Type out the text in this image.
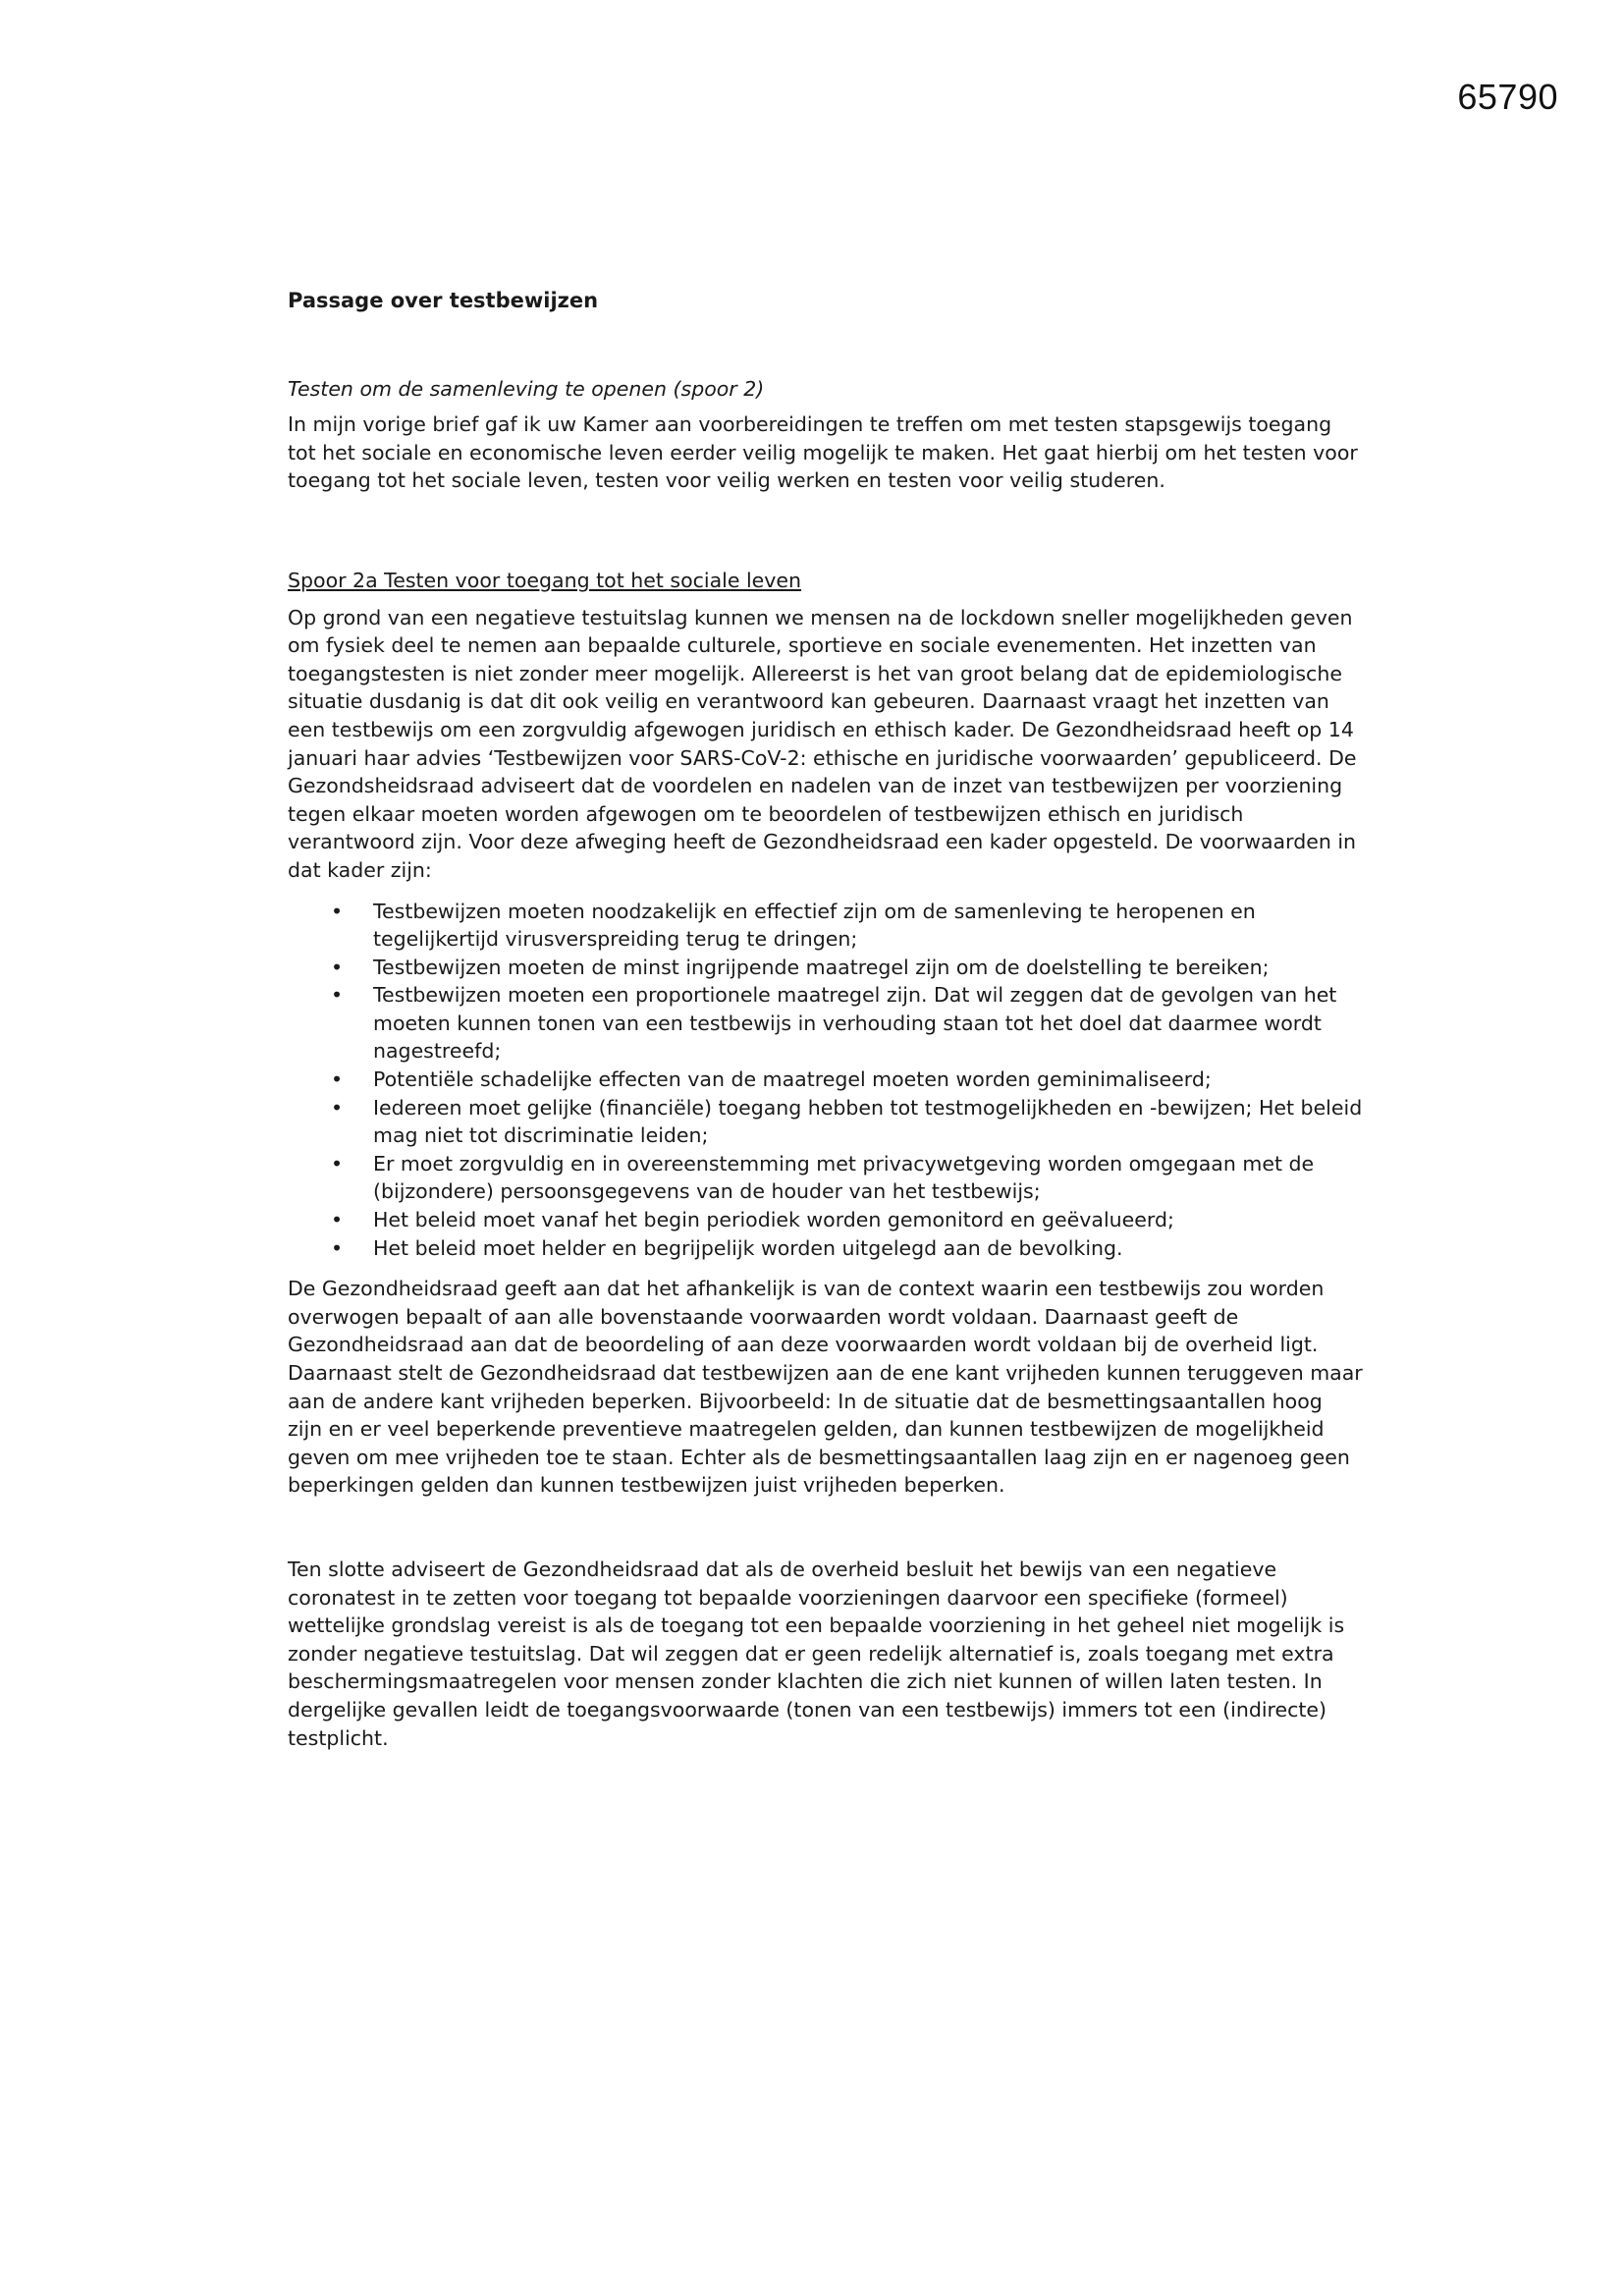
65790
Passage over testbewijzen
Testen om de samenleving te openen (spoor 2)

In mijn vorige brief gaf ik uw Kamer aan voorbereidingen te treffen om met testen stapsgewijs toegang tot het sociale en economische leven eerder veilig mogelijk te maken. Het gaat hierbij om het testen voor toegang tot het sociale leven, testen voor veilig werken en testen voor veilig studeren.

Spoor 2a Testen voor toegang tot het sociale leven

Op grond van een negatieve testuitslag kunnen we mensen na de lockdown sneller mogelijkheden geven om fysiek deel te nemen aan bepaalde culturele, sportieve en sociale evenementen. Het inzetten van toegangstesten is niet zonder meer mogelijk. Allereerst is het van groot belang dat de epidemiologische situatie dusdanig is dat dit ook veilig en verantwoord kan gebeuren. Daarnaast vraagt het inzetten van een testbewijs om een zorgvuldig afgewogen juridisch en ethisch kader. De Gezondheidsraad heeft op 14 januari haar advies ‘Testbewijzen voor SARS-CoV-2: ethische en juridische voorwaarden’ gepubliceerd. De Gezondsheidsraad adviseert dat de voordelen en nadelen van de inzet van testbewijzen per voorziening tegen elkaar moeten worden afgewogen om te beoordelen of testbewijzen ethisch en juridisch verantwoord zijn. Voor deze afweging heeft de Gezondheidsraad een kader opgesteld. De voorwaarden in dat kader zijn:

• Testbewijzen moeten noodzakelijk en effectief zijn om de samenleving te heropenen en tegelijkertijd virusverspreiding terug te dringen;
• Testbewijzen moeten de minst ingrijpende maatregel zijn om de doelstelling te bereiken;
• Testbewijzen moeten een proportionele maatregel zijn. Dat wil zeggen dat de gevolgen van het moeten kunnen tonen van een testbewijs in verhouding staan tot het doel dat daarmee wordt nagestreefd;
• Potentiële schadelijke effecten van de maatregel moeten worden geminimaliseerd;
• Iedereen moet gelijke (financiële) toegang hebben tot testmogelijkheden en -bewijzen; Het beleid mag niet tot discriminatie leiden;
• Er moet zorgvuldig en in overeenstemming met privacywetgeving worden omgegaan met de (bijzondere) persoonsgegevens van de houder van het testbewijs;
• Het beleid moet vanaf het begin periodiek worden gemonitord en geëvalueerd;
• Het beleid moet helder en begrijpelijk worden uitgelegd aan de bevolking.

De Gezondheidsraad geeft aan dat het afhankelijk is van de context waarin een testbewijs zou worden overwogen bepaalt of aan alle bovenstaande voorwaarden wordt voldaan. Daarnaast geeft de Gezondheidsraad aan dat de beoordeling of aan deze voorwaarden wordt voldaan bij de overheid ligt. Daarnaast stelt de Gezondheidsraad dat testbewijzen aan de ene kant vrijheden kunnen teruggeven maar aan de andere kant vrijheden beperken. Bijvoorbeeld: In de situatie dat de besmettingsaantallen hoog zijn en er veel beperkende preventieve maatregelen gelden, dan kunnen testbewijzen de mogelijkheid geven om mee vrijheden toe te staan. Echter als de besmettingsaantallen laag zijn en er nagenoeg geen beperkingen gelden dan kunnen testbewijzen juist vrijheden beperken.

Ten slotte adviseert de Gezondheidsraad dat als de overheid besluit het bewijs van een negatieve coronatest in te zetten voor toegang tot bepaalde voorzieningen daarvoor een specifieke (formeel) wettelijke grondslag vereist is als de toegang tot een bepaalde voorziening in het geheel niet mogelijk is zonder negatieve testuitslag. Dat wil zeggen dat er geen redelijk alternatief is, zoals toegang met extra beschermingsmaatregelen voor mensen zonder klachten die zich niet kunnen of willen laten testen. In dergelijke gevallen leidt de toegangsvoorwaarde (tonen van een testbewijs) immers tot een (indirecte) testplicht.
